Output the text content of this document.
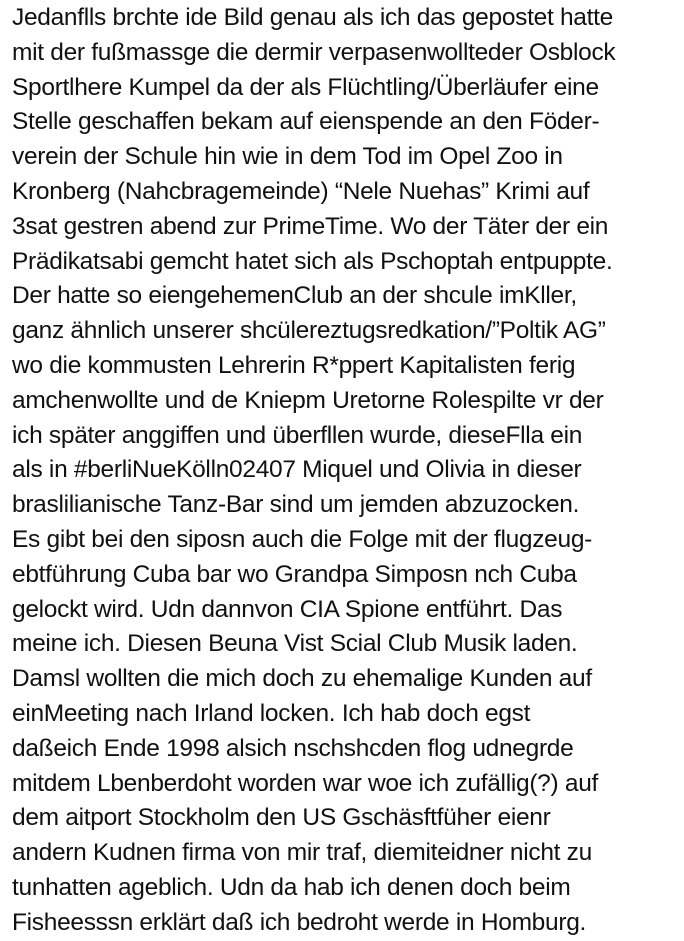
Jedanflls brchte ide Bild genau als ich das gepostet hatte
mit der fußmassge die dermir verpasenwollteder Osblock
Sportlhere Kumpel da der als Flüchtling/Überläufer eine
Stelle geschaffen bekam auf eienspende an den Föder-
verein der Schule hin wie in dem Tod im Opel Zoo in
Kronberg (Nahcbragemeinde) “Nele Nuehas” Krimi auf
3sat gestren abend zur PrimeTime. Wo der Täter der ein
Prädikatsabi gemcht hatet sich als Pschoptah entpuppte.
Der hatte so eiengehemenClub an der shcule imKller,
ganz ähnlich unserer shcülereztugsredkation/”Poltik AG”
wo die kommusten Lehrerin R*ppert Kapitalisten ferig
amchenwollte und de Kniepm Uretorne Rolespilte vr der
ich später anggiffen und überfllen wurde, dieseFlla ein
als in #berliNueKölln02407 Miquel und Olivia in dieser
braslilianische Tanz-Bar sind um jemden abzuzocken.
Es gibt bei den siposn auch die Folge mit der flugzeug-
ebtführung Cuba bar wo Grandpa Simposn nch Cuba
gelockt wird. Udn dannvon CIA Spione entführt. Das
meine ich. Diesen Beuna Vist Scial Club Musik laden.
Damsl wollten die mich doch zu ehemalige Kunden auf
einMeeting nach Irland locken. Ich hab doch egst
daßeich Ende 1998 alsich nschshcden flog udnegrde
mitdem Lbenberdoht worden war woe ich zufällig(?) auf
dem aitport Stockholm den US Gschäsftfüher eienr
andern Kudnen firma von mir traf, diemiteidner nicht zu
tunhatten ageblich. Udn da hab ich denen doch beim
Fisheesssn erklärt daß ich bedroht werde in Homburg.
